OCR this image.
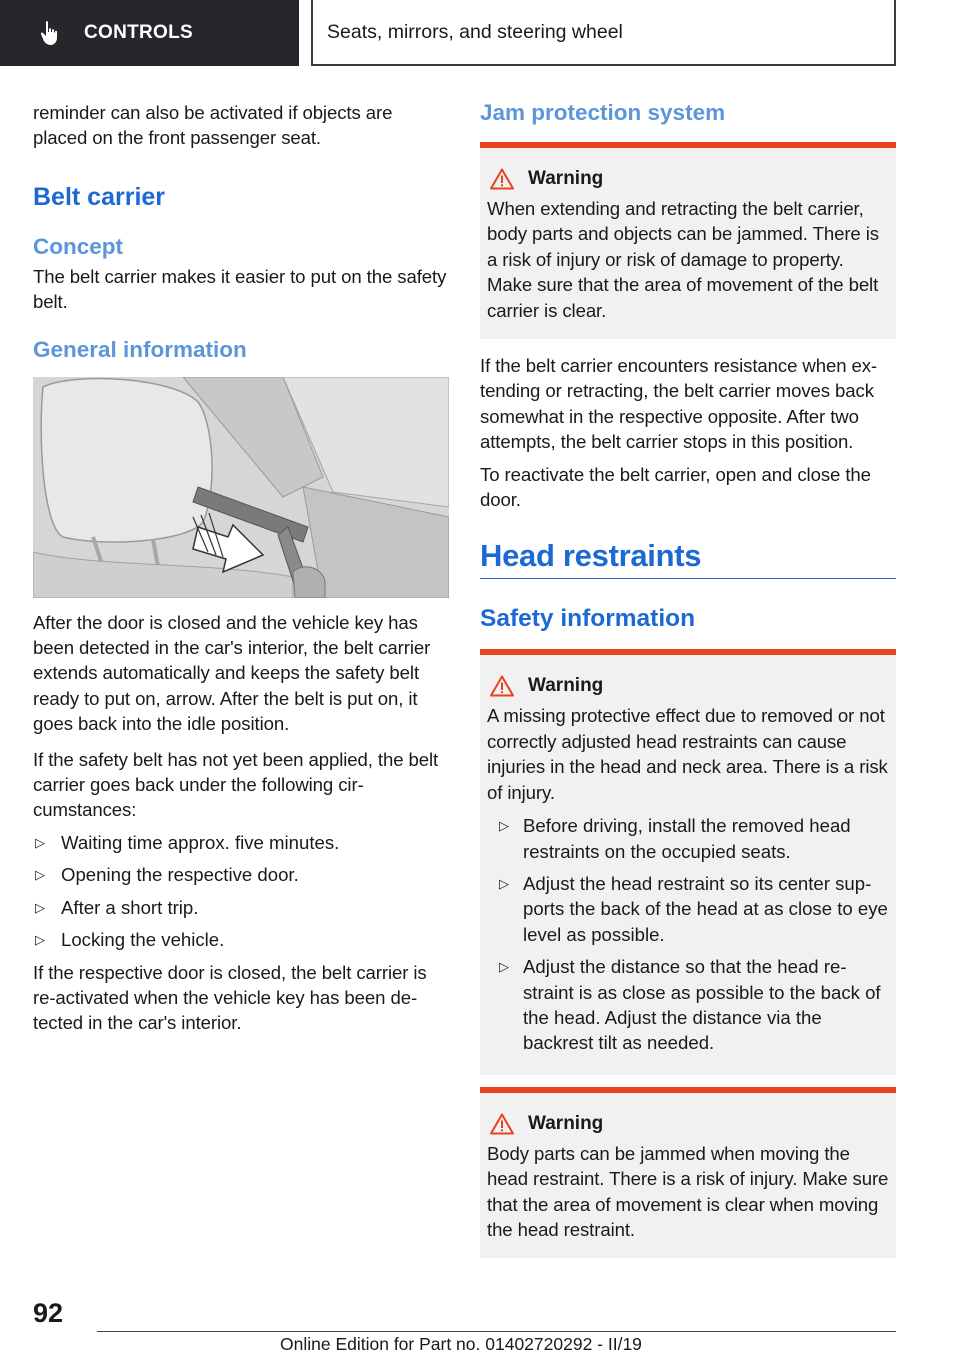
CONTROLS	Seats, mirrors, and steering wheel

reminder can also be activated if objects are placed on the front passenger seat.

Belt carrier
Concept

The belt carrier makes it easier to put on the safety belt.

General information

After the door is closed and the vehicle key has been detected in the car's interior, the belt carrier extends automatically and keeps the safety belt ready to put on, arrow. After the belt is put on, it goes back into the idle position.

If the safety belt has not yet been applied, the belt carrier goes back under the following cir-cumstances:

▷ Waiting time approx. five minutes.
▷ Opening the respective door.
▷ After a short trip.
▷ Locking the vehicle.

If the respective door is closed, the belt carrier is re-activated when the vehicle key has been de-tected in the car's interior.

Jam protection system
Warning

When extending and retracting the belt carrier, body parts and objects can be jammed. There is a risk of injury or risk of damage to property. Make sure that the area of movement of the belt carrier is clear.

If the belt carrier encounters resistance when ex-tending or retracting, the belt carrier moves back somewhat in the respective opposite. After two attempts, the belt carrier stops in this position.

To reactivate the belt carrier, open and close the door.

Head restraints
Safety information
Warning

A missing protective effect due to removed or not correctly adjusted head restraints can cause injuries in the head and neck area. There is a risk of injury.

▷ Before driving, install the removed head restraints on the occupied seats.
▷ Adjust the head restraint so its center sup-ports the back of the head at as close to eye level as possible.
▷ Adjust the distance so that the head re-straint is as close as possible to the back of the head. Adjust the distance via the backrest tilt as needed.
Warning

Body parts can be jammed when moving the head restraint. There is a risk of injury. Make sure that the area of movement is clear when moving the head restraint.

92
Online Edition for Part no. 01402720292 - II/19
